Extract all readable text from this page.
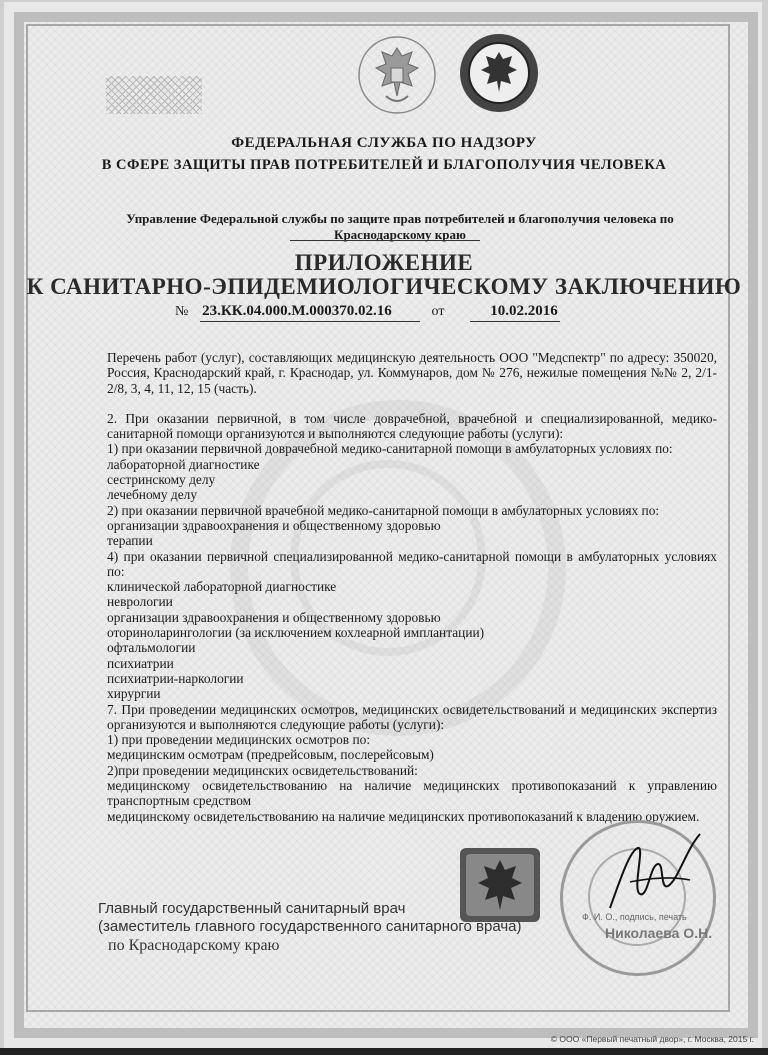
ФЕДЕРАЛЬНАЯ СЛУЖБА ПО НАДЗОРУ
В СФЕРЕ ЗАЩИТЫ ПРАВ ПОТРЕБИТЕЛЕЙ И БЛАГОПОЛУЧИЯ ЧЕЛОВЕКА
Управление Федеральной службы по защите прав потребителей и благополучия человека по
Краснодарскому краю
ПРИЛОЖЕНИЕ
К САНИТАРНО-ЭПИДЕМИОЛОГИЧЕСКОМУ ЗАКЛЮЧЕНИЮ
№ 23.КК.04.000.М.000370.02.16	от	10.02.2016

Перечень работ (услуг), составляющих медицинскую деятельность ООО "Медспектр" по адресу: 350020, Россия, Краснодарский край, г. Краснодар, ул. Коммунаров, дом № 276, нежилые помещения №№ 2, 2/1-2/8, 3, 4, 11, 12, 15 (часть).

2. При оказании первичной, в том числе доврачебной, врачебной и специализированной, медико-санитарной помощи организуются и выполняются следующие работы (услуги):

1) при оказании первичной доврачебной медико-санитарной помощи в амбулаторных условиях по:

лабораторной диагностике

сестринскому делу

лечебному делу

2) при оказании первичной врачебной медико-санитарной помощи в амбулаторных условиях по:

организации здравоохранения и общественному здоровью

терапии

4) при оказании первичной специализированной медико-санитарной помощи в амбулаторных условиях по:

клинической лабораторной диагностике

неврологии

организации здравоохранения и общественному здоровью

оториноларингологии (за исключением кохлеарной имплантации)

офтальмологии

психиатрии

психиатрии-наркологии

хирургии

7. При проведении медицинских осмотров, медицинских освидетельствований и медицинских экспертиз организуются и выполняются следующие работы (услуги):

1) при проведении медицинских осмотров по:

медицинским осмотрам (предрейсовым, послерейсовым)

2)при проведении медицинских освидетельствований:

медицинскому освидетельствованию на наличие медицинских противопоказаний к управлению транспортным средством

медицинскому освидетельствованию на наличие медицинских противопоказаний к владению оружием.

Главный государственный санитарный врач
(заместитель главного государственного санитарного врача)
по Краснодарскому краю
Ф. И. О., подпись, печать
Николаева О.Н.
© ООО «Первый печатный двор», г. Москва, 2015 г.
